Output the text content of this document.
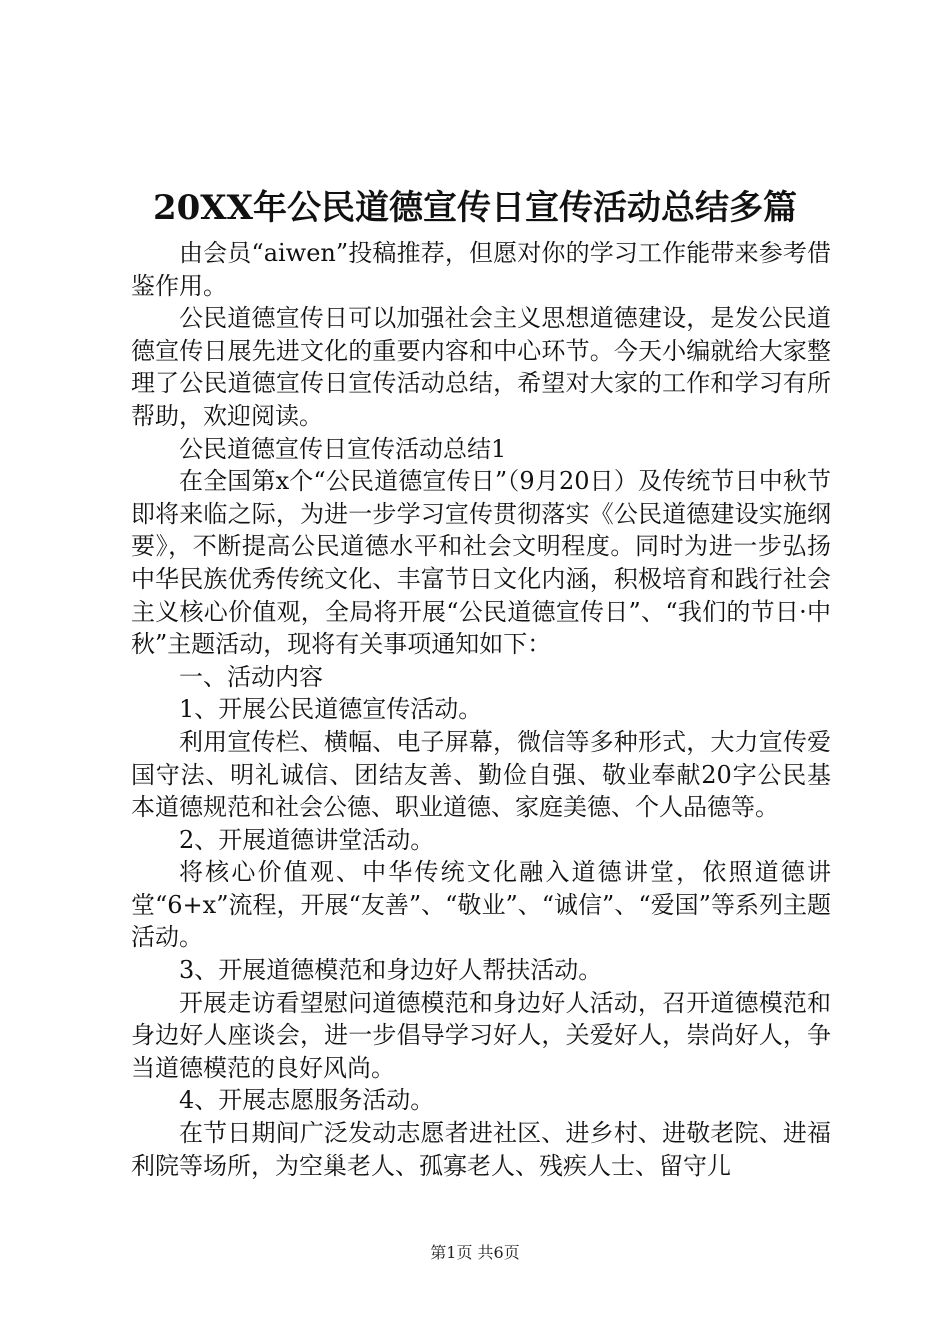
20XX年公民道德宣传日宣传活动总结多篇

由会员“aiwen”投稿推荐，但愿对你的学习工作能带来参考借鉴作用。

公民道德宣传日可以加强社会主义思想道德建设，是发公民道德宣传日展先进文化的重要内容和中心环节。今天小编就给大家整理了公民道德宣传日宣传活动总结，希望对大家的工作和学习有所帮助，欢迎阅读。

公民道德宣传日宣传活动总结1

在全国第x个“公民道德宣传日”（9月20日）及传统节日中秋节即将来临之际，为进一步学习宣传贯彻落实《公民道德建设实施纲要》，不断提高公民道德水平和社会文明程度。同时为进一步弘扬中华民族优秀传统文化、丰富节日文化内涵，积极培育和践行社会主义核心价值观，全局将开展“公民道德宣传日”、“我们的节日·中秋”主题活动，现将有关事项通知如下：

一、活动内容

1、开展公民道德宣传活动。

利用宣传栏、横幅、电子屏幕，微信等多种形式，大力宣传爱国守法、明礼诚信、团结友善、勤俭自强、敬业奉献20字公民基本道德规范和社会公德、职业道德、家庭美德、个人品德等。

2、开展道德讲堂活动。

将核心价值观、中华传统文化融入道德讲堂，依照道德讲堂“6+x”流程，开展“友善”、“敬业”、“诚信”、“爱国”等系列主题活动。

3、开展道德模范和身边好人帮扶活动。

开展走访看望慰问道德模范和身边好人活动，召开道德模范和身边好人座谈会，进一步倡导学习好人，关爱好人，崇尚好人，争当道德模范的良好风尚。

4、开展志愿服务活动。

在节日期间广泛发动志愿者进社区、进乡村、进敬老院、进福利院等场所，为空巢老人、孤寡老人、残疾人士、留守儿

第1页 共6页
